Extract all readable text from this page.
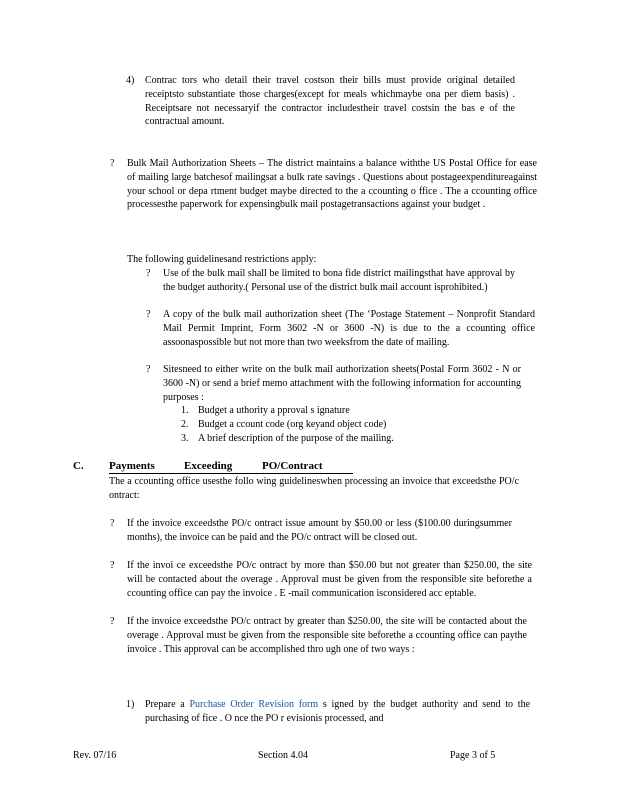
4) Contrac tors who detail their travel costson their bills must provide original detailed receiptsto substantiate those charges(except for meals whichmaybe ona per diem basis) . Receiptsare not necessaryif the contractor includestheir travel costsin the bas e of the contractual amount.

? Bulk Mail Authorization Sheets – The district maintains a balance withthe US Postal Office for ease of mailing large batchesof mailingsat a bulk rate savings . Questions about postageexpenditureagainst your school or depa rtment budget maybe directed to the a ccounting o ffice . The a ccounting office processesthe paperwork for expensingbulk mail postagetransactions against your budget .

The following guidelinesand restrictions apply:

? Use of the bulk mail shall be limited to bona fide district mailingsthat have approval by the budget authority.( Personal use of the district bulk mail account isprohibited.)

? A copy of the bulk mail authorization sheet (The ‘Postage Statement – Nonprofit Standard Mail Permit Imprint, Form 3602 -N or 3600 -N) is due to the a ccounting office assoonaspossible but not more than two weeksfrom the date of mailing.

? Sitesneed to either write on the bulk mail authorization sheets(Postal Form 3602 - N or 3600 -N) or send a brief memo attachment with the following information for accounting purposes :

1. Budget a uthority a pproval s ignature
2. Budget a ccount code (org keyand object code)
3. A brief description of the purpose of the mailing.
C. Payments	Exceeding	PO/Contract

The a ccounting office usesthe follo wing guidelineswhen processing an invoice that exceedsthe PO/c ontract:

? If the invoice exceedsthe PO/c ontract issue amount by $50.00 or less ($100.00 duringsummer months), the invoice can be paid and the PO/c ontract will be closed out.

? If the invoi ce exceedsthe PO/c ontract by more than $50.00 but not greater than $250.00, the site will be contacted about the overage . Approval must be given from the responsible site beforethe a ccounting office can pay the invoice . E -mail communication isconsidered acc eptable.

? If the invoice exceedsthe PO/c ontract by greater than $250.00, the site will be contacted about the overage . Approval must be given from the responsible site beforethe a ccounting office can paythe invoice . This approval can be accomplished thro ugh one of two ways :

1) Prepare a Purchase Order Revision form s igned by the budget authority and send to the purchasing of fice . O nce the PO r evisionis processed, and

Rev. 07/16	Section 4.04	Page 3 of 5
